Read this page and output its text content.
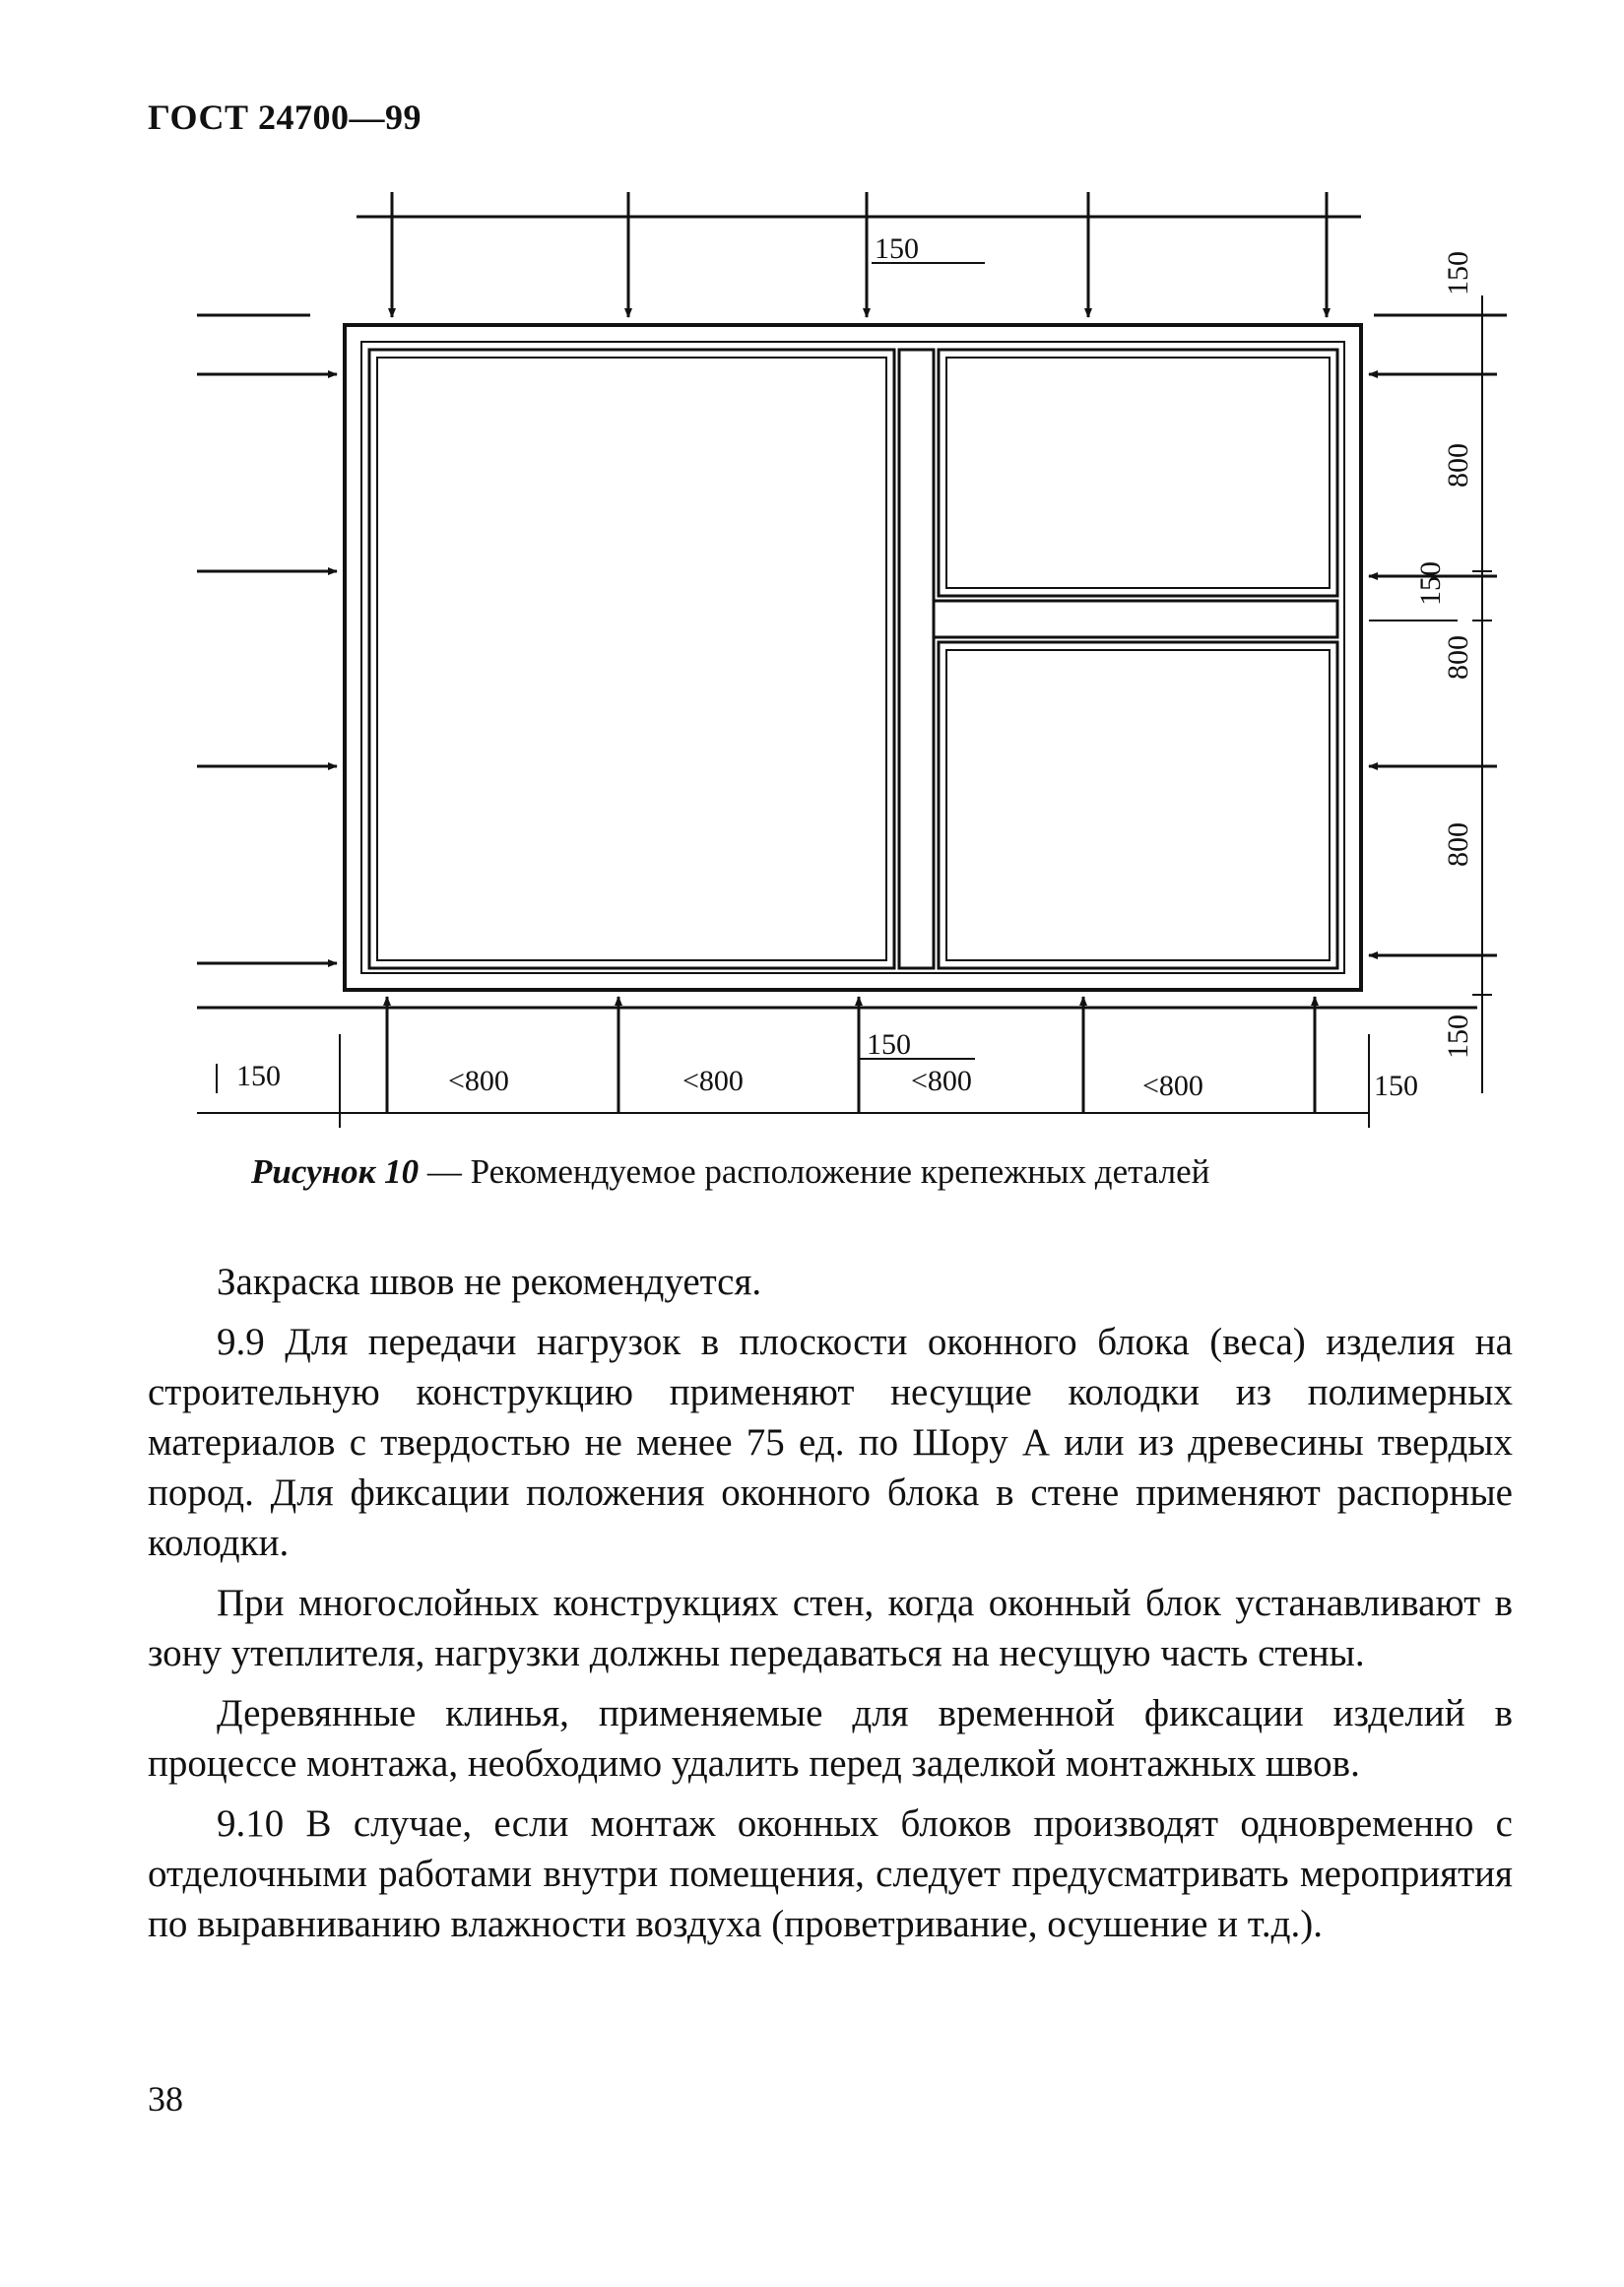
ГОСТ 24700—99
150
150
800
150
800
800
150
150	<800	<800	<800	<800	150
150
Рисунок 10 — Рекомендуемое расположение крепежных деталей

Закраска швов не рекомендуется.

9.9 Для передачи нагрузок в плоскости оконного блока (веса) изделия на строительную конструкцию применяют несущие колодки из полимерных материалов с твердостью не менее 75 ед. по Шору А или из древесины твердых пород. Для фиксации положения оконного блока в стене применяют распорные колодки.

При многослойных конструкциях стен, когда оконный блок устанавливают в зону утеплителя, нагрузки должны передаваться на несущую часть стены.

Деревянные клинья, применяемые для временной фиксации изделий в процессе монтажа, необходимо удалить перед заделкой монтажных швов.

9.10 В случае, если монтаж оконных блоков производят одновременно с отделочными работами внутри помещения, следует предусматривать мероприятия по выравниванию влажности воздуха (проветривание, осушение и т.д.).

38
